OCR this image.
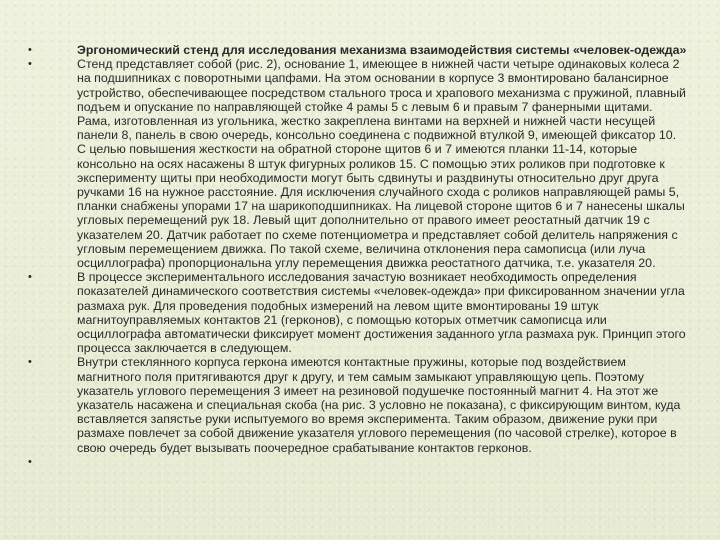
•	Эргономический стенд для исследования механизма взаимодействия системы «человек-одежда»
•	Стенд представляет собой (рис. 2), основание 1, имеющее в нижней части четыре одинаковых колеса 2 на подшипниках с поворотными цапфами. На этом основании в корпусе 3 вмонтировано балансирное устройство, обеспечивающее посредством стального троса и храпового механизма с пружиной, плавный подъем и опускание по направляющей стойке 4 рамы 5 с левым 6 и правым 7 фанерными щитами. Рама, изготовленная из угольника, жестко закреплена винтами на верхней и нижней части несущей панели 8, панель в свою очередь, консольно соединена с подвижной втулкой 9, имеющей фиксатор 10. С целью повышения жесткости на обратной стороне щитов 6 и 7 имеются планки 11-14, которые консольно на осях насажены 8 штук фигурных роликов 15. С помощью этих роликов при подготовке к эксперименту щиты при необходимости могут быть сдвинуты и раздвинуты относительно друг друга ручками 16 на нужное расстояние. Для исключения случайного схода с роликов направляющей рамы 5, планки снабжены упорами 17 на шарикоподшипниках. На лицевой стороне щитов 6 и 7 нанесены шкалы угловых перемещений рук 18. Левый щит дополнительно от правого имеет реостатный датчик 19 с указателем 20. Датчик работает по схеме потенциометра и представляет собой делитель напряжения с угловым перемещением движка. По такой схеме, величина отклонения пера самописца (или луча осциллографа) пропорциональна углу перемещения движка реостатного датчика, т.е. указателя 20.
•	В процессе экспериментального исследования зачастую возникает необходимость определения показателей динамического соответствия системы «человек-одежда» при фиксированном значении угла размаха рук. Для проведения подобных измерений на левом щите вмонтированы 19 штук магнитоуправляемых контактов 21 (герконов), с помощью которых отметчик самописца или осциллографа автоматически фиксирует момент достижения заданного угла размаха рук. Принцип этого процесса заключается в следующем.
•	Внутри стеклянного корпуса геркона имеются контактные пружины, которые под воздействием магнитного поля притягиваются друг к другу, и тем самым замыкают управляющую цепь. Поэтому указатель углового перемещения 3 имеет на резиновой подушечке постоянный магнит 4. На этот же указатель насажена и специальная скоба (на рис. 3 условно не показана), с фиксирующим винтом, куда вставляется запястье руки испытуемого во время эксперимента. Таким образом, движение руки при размахе повлечет за собой движение указателя углового перемещения (по часовой стрелке), которое в свою очередь будет вызывать поочередное срабатывание контактов герконов.
•
